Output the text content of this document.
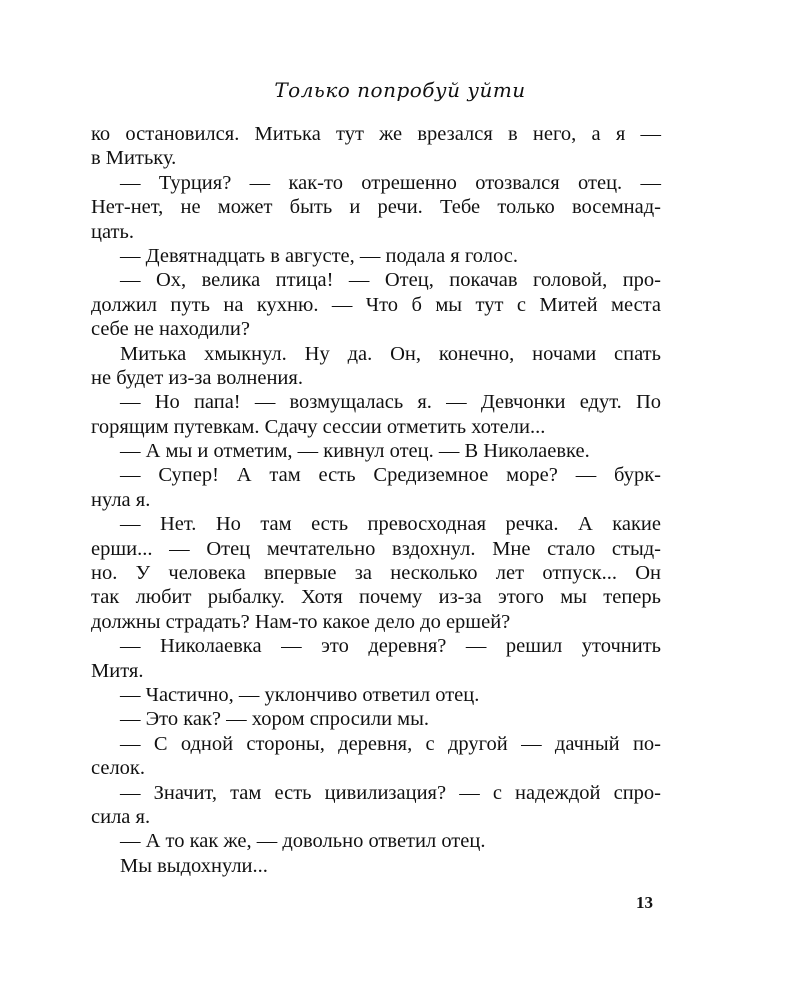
Только попробуй уйти
ко остановился. Митька тут же врезался в него, а я —
в Митьку.
— Турция? — как-то отрешенно отозвался отец. —
Нет-нет, не может быть и речи. Тебе только восемнад-
цать.
— Девятнадцать в августе, — подала я голос.
— Ох, велика птица! — Отец, покачав головой, про-
должил путь на кухню. — Что б мы тут с Митей места
себе не находили?
Митька хмыкнул. Ну да. Он, конечно, ночами спать
не будет из-за волнения.
— Но папа! — возмущалась я. — Девчонки едут. По
горящим путевкам. Сдачу сессии отметить хотели...
— А мы и отметим, — кивнул отец. — В Николаевке.
— Супер! А там есть Средиземное море? — бурк-
нула я.
— Нет. Но там есть превосходная речка. А какие
ерши... — Отец мечтательно вздохнул. Мне стало стыд-
но. У человека впервые за несколько лет отпуск... Он
так любит рыбалку. Хотя почему из-за этого мы теперь
должны страдать? Нам-то какое дело до ершей?
— Николаевка — это деревня? — решил уточнить
Митя.
— Частично, — уклончиво ответил отец.
— Это как? — хором спросили мы.
— С одной стороны, деревня, с другой — дачный по-
селок.
— Значит, там есть цивилизация? — с надеждой спро-
сила я.
— А то как же, — довольно ответил отец.
Мы выдохнули...
13
